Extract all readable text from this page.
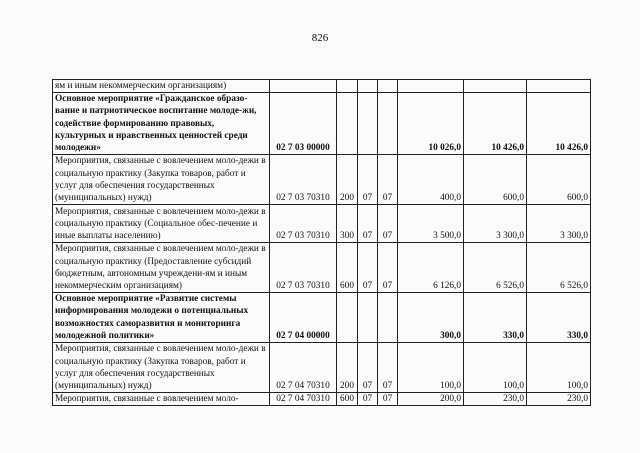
826
ям и иным некоммерческим организациям)							
Основное мероприятие «Гражданское образо-вание и патриотическое воспитание молоде-жи, содействие формированию правовых, культурных и нравственных ценностей среди молодежи»	02 7 03 00000				10 026,0	10 426,0	10 426,0
Мероприятия, связанные с вовлечением моло-дежи в социальную практику (Закупка товаров, работ и услуг для обеспечения государственных (муниципальных) нужд)	02 7 03 70310	200	07	07	400,0	600,0	600,0
Мероприятия, связанные с вовлечением моло-дежи в социальную практику (Социальное обес-печение и иные выплаты населению)	02 7 03 70310	300	07	07	3 500,0	3 300,0	3 300,0
Мероприятия, связанные с вовлечением моло-дежи в социальную практику (Предоставление субсидий бюджетным, автономным учреждени-ям и иным некоммерческим организациям)	02 7 03 70310	600	07	07	6 126,0	6 526,0	6 526,0
Основное мероприятие «Развитие системы информирования молодежи о потенциальных возможностях саморазвития и мониторинга молодежной политики»	02 7 04 00000				300,0	330,0	330,0
Мероприятия, связанные с вовлечением моло-дежи в социальную практику (Закупка товаров, работ и услуг для обеспечения государственных (муниципальных) нужд)	02 7 04 70310	200	07	07	100,0	100,0	100,0
Мероприятия, связанные с вовлечением моло-	02 7 04 70310	600	07	07	200,0	230,0	230,0
